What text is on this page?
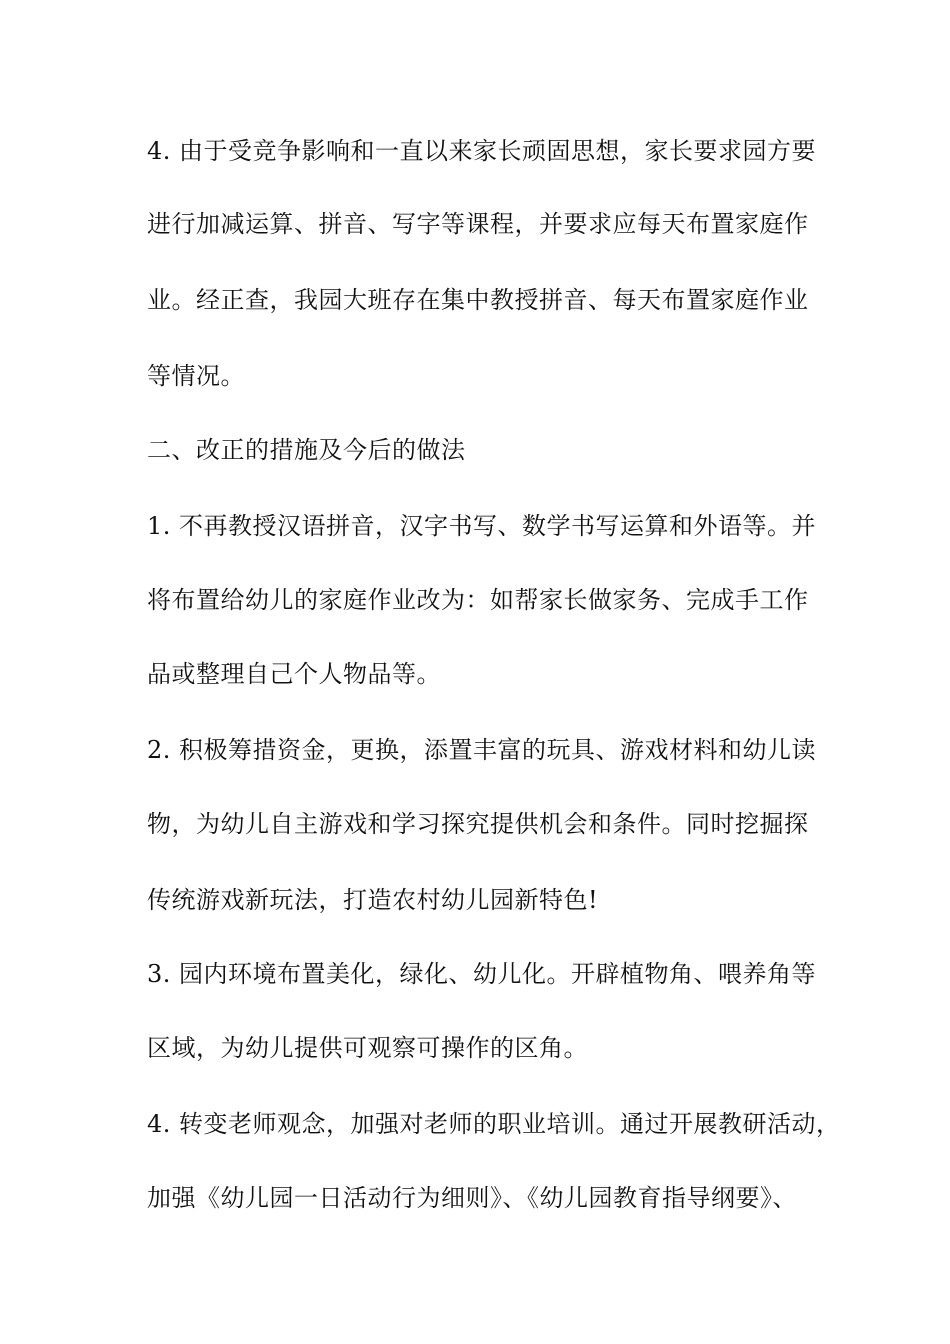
4. 由于受竞争影响和一直以来家长顽固思想，家长要求园方要
进行加减运算、拼音、写字等课程，并要求应每天布置家庭作
业。经正查，我园大班存在集中教授拼音、每天布置家庭作业
等情况。
二、改正的措施及今后的做法
1. 不再教授汉语拼音，汉字书写、数学书写运算和外语等。并
将布置给幼儿的家庭作业改为：如帮家长做家务、完成手工作
品或整理自己个人物品等。
2. 积极筹措资金，更换，添置丰富的玩具、游戏材料和幼儿读
物，为幼儿自主游戏和学习探究提供机会和条件。同时挖掘探
传统游戏新玩法，打造农村幼儿园新特色!
3. 园内环境布置美化，绿化、幼儿化。开辟植物角、喂养角等
区域，为幼儿提供可观察可操作的区角。
4. 转变老师观念，加强对老师的职业培训。通过开展教研活动，
加强《幼儿园一日活动行为细则》、《幼儿园教育指导纲要》、
